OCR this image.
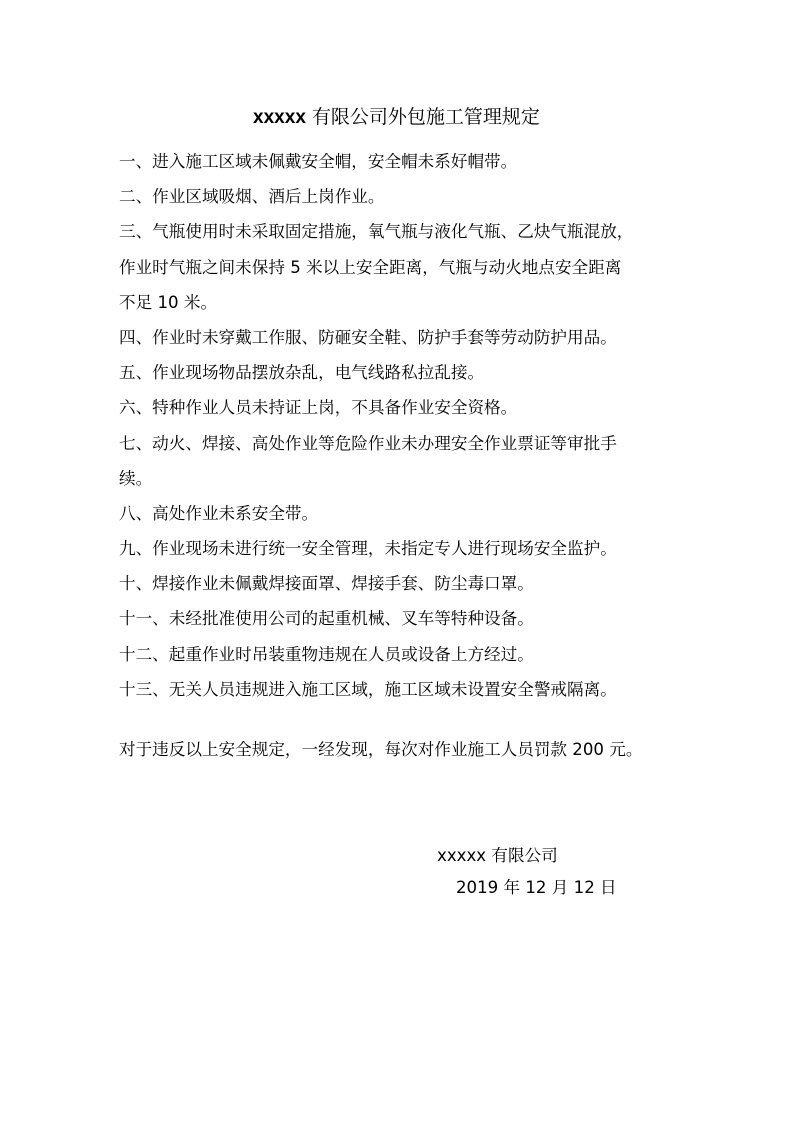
xxxxx 有限公司外包施工管理规定
一、进入施工区域未佩戴安全帽，安全帽未系好帽带。
二、作业区域吸烟、酒后上岗作业。
三、气瓶使用时未采取固定措施，氧气瓶与液化气瓶、乙炔气瓶混放，
作业时气瓶之间未保持 5 米以上安全距离，气瓶与动火地点安全距离
不足 10 米。
四、作业时未穿戴工作服、防砸安全鞋、防护手套等劳动防护用品。
五、作业现场物品摆放杂乱，电气线路私拉乱接。
六、特种作业人员未持证上岗，不具备作业安全资格。
七、动火、焊接、高处作业等危险作业未办理安全作业票证等审批手
续。
八、高处作业未系安全带。
九、作业现场未进行统一安全管理，未指定专人进行现场安全监护。
十、焊接作业未佩戴焊接面罩、焊接手套、防尘毒口罩。
十一、未经批准使用公司的起重机械、叉车等特种设备。
十二、起重作业时吊装重物违规在人员或设备上方经过。
十三、无关人员违规进入施工区域，施工区域未设置安全警戒隔离。
对于违反以上安全规定，一经发现，每次对作业施工人员罚款 200 元。
xxxxx 有限公司
2019 年 12 月 12 日
